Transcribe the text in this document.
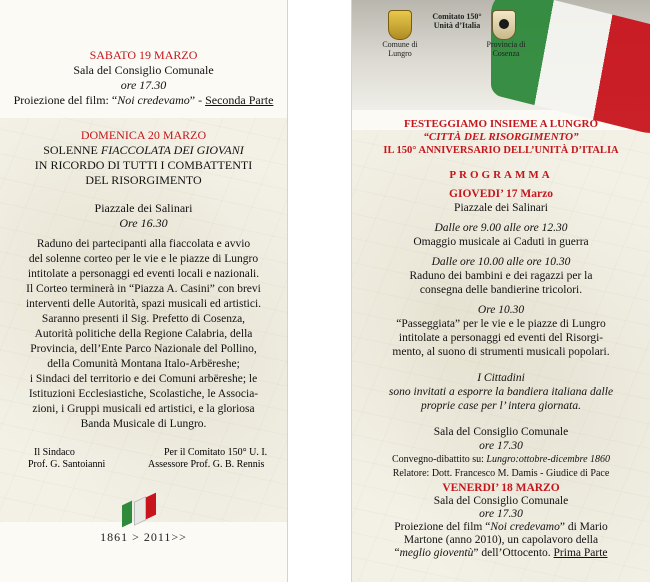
SABATO 19 MARZO
Sala del Consiglio Comunale
ore 17.30
Proiezione del film: “Noi credevamo” - Seconda Parte
DOMENICA 20 MARZO
SOLENNE FIACCOLATA DEI GIOVANI
IN RICORDO DI TUTTI I COMBATTENTI
DEL RISORGIMENTO
Piazzale dei Salinari
Ore 16.30
Raduno dei partecipanti alla fiaccolata e avvio
del solenne corteo per le vie e le piazze di Lungro
intitolate a personaggi ed eventi locali e nazionali.
Il Corteo terminerà in “Piazza A. Casini” con brevi
interventi delle Autorità, spazi musicali ed artistici.
Saranno presenti il Sig. Prefetto di Cosenza,
Autorità politiche della Regione Calabria, della
Provincia, dell’Ente Parco Nazionale del Pollino,
della Comunità Montana Italo-Arbëreshe;
i Sindaci del territorio e dei Comuni arbëreshe; le
Istituzioni Ecclesiastiche, Scolastiche, le Associa-
zioni, i Gruppi musicali ed artistici, e la gloriosa
Banda Musicale di Lungro.
Il Sindaco
Prof. G. Santoianni
Per il Comitato 150° U. I.
Assessore Prof. G. B. Rennis
1861 > 2011>>
Comitato 150° Unità d’Italia
Comune di Lungro
Provincia di Cosenza
FESTEGGIAMO INSIEME A LUNGRO
“CITTÀ DEL RISORGIMENTO”
IL 150° ANNIVERSARIO DELL’UNITÀ D’ITALIA
PROGRAMMA
GIOVEDI’ 17 Marzo
Piazzale dei Salinari
Dalle ore 9.00 alle ore 12.30
Omaggio musicale ai Caduti in guerra
Dalle ore 10.00 alle ore 10.30
Raduno dei bambini e dei ragazzi per la
consegna delle bandierine tricolori.
Ore 10.30
“Passeggiata” per le vie e le piazze di Lungro
intitolate a personaggi ed eventi del Risorgi-
mento, al suono di strumenti musicali popolari.
I Cittadini
sono invitati a esporre la bandiera italiana dalle
proprie case per l’ intera giornata.
Sala del Consiglio Comunale
ore 17.30
Convegno-dibattito su: Lungro:ottobre-dicembre 1860
Relatore: Dott. Francesco M. Damis - Giudice di Pace
VENERDI’ 18 MARZO
Sala del Consiglio Comunale
ore 17.30
Proiezione del film “Noi credevamo” di Mario
Martone (anno 2010), un capolavoro della
“meglio gioventù” dell’Ottocento. Prima Parte
